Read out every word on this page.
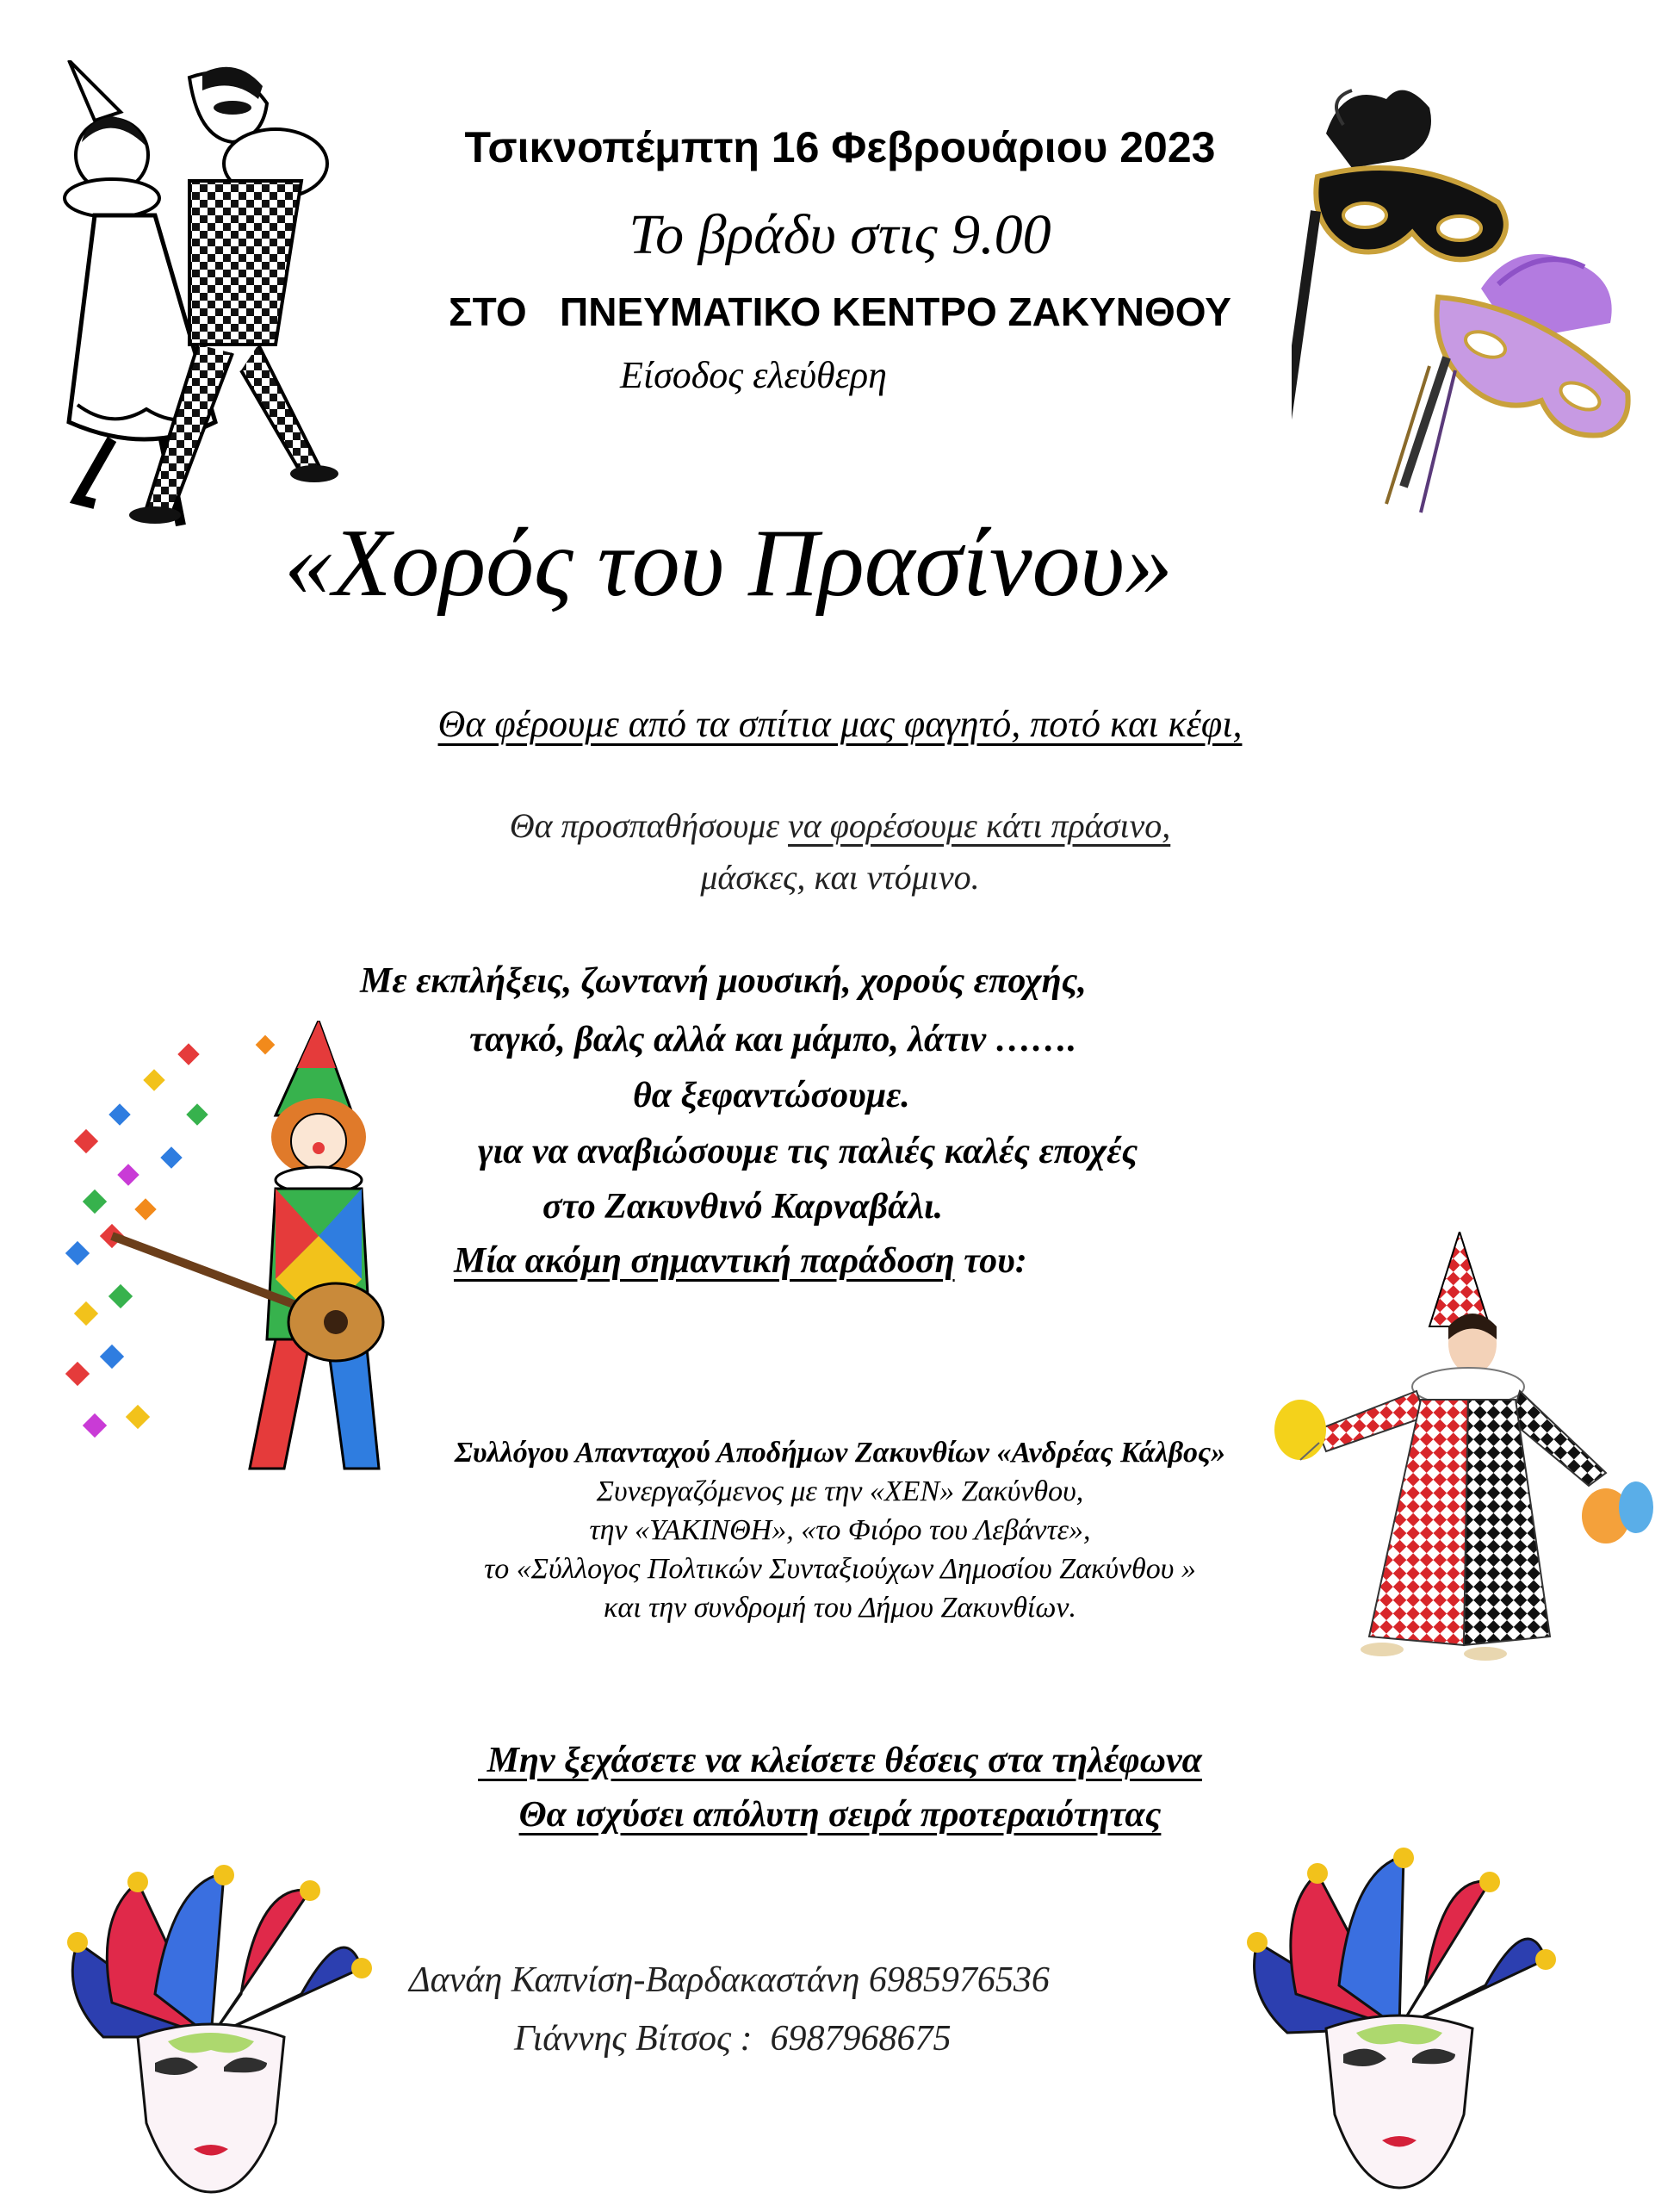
Τσικνοπέμπτη 16 Φεβρουάριου 2023
Το βράδυ στις 9.00
ΣΤΟ   ΠΝΕΥΜΑΤΙΚΟ ΚΕΝΤΡΟ ΖΑΚΥΝΘΟΥ
Είσοδος ελεύθερη
«Χορός του Πρασίνου»
Θα φέρουμε από τα σπίτια μας φαγητό, ποτό και κέφι,
Θα προσπαθήσουμε να φορέσουμε κάτι πράσινο,
μάσκες, και ντόμινο.
Με εκπλήξεις, ζωντανή μουσική, χορούς εποχής,
ταγκό, βαλς αλλά και μάμπο, λάτιν …….
θα ξεφαντώσουμε.
για να αναβιώσουμε τις παλιές καλές εποχές
στο Ζακυνθινό Καρναβάλι.
Μία ακόμη σημαντική παράδοση του:
Συλλόγου Απανταχού Αποδήμων Ζακυνθίων «Ανδρέας Κάλβος»
Συνεργαζόμενος με την «ΧΕΝ» Ζακύνθου,
την «ΥΑΚΙΝΘΗ», «το Φιόρο του Λεβάντε»,
το «Σύλλογος Πολτικών Συνταξιούχων Δημοσίου Ζακύνθου »
και την συνδρομή του Δήμου Ζακυνθίων.
Μην ξεχάσετε να κλείσετε θέσεις στα τηλέφωνα
Θα ισχύσει απόλυτη σειρά προτεραιότητας
Δανάη Καπνίση-Βαρδακαστάνη 6985976536
Γιάννης Βίτσος :  6987968675
